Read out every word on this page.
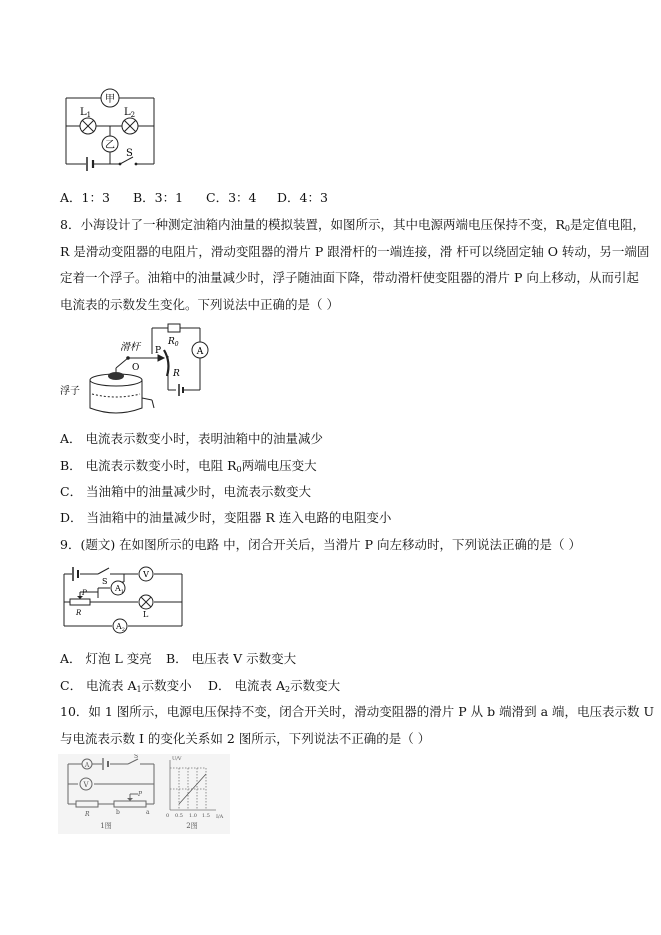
甲
乙
$L_1$	$L_2$
S
A．1：3 B．3：1 C．3：4 D．4：3
8．小海设计了一种测定油箱内油量的模拟装置，如图所示，其中电源两端电压保持不变，$R_0$是定值电阻，
R 是滑动变阻器的电阻片，滑动变阻器的滑片 P 跟滑杆的一端连接，滑 杆可以绕固定轴 O 转动，另一端固
定着一个浮子。油箱中的油量减少时，浮子随油面下降，带动滑杆使变阻器的滑片 P 向上移动，从而引起
电流表的示数发生变化。下列说法中正确的是（ ）
$R_0$
A
滑杆 P
O
R
浮子
A． 电流表示数变小时，表明油箱中的油量减少
B． 电流表示数变小时，电阻 $R_0$两端电压变大
C． 当油箱中的油量减少时，电流表示数变大
D． 当油箱中的油量减少时，变阻器 R 连入电路的电阻变小
9．(题文) 在如图所示的电路 中，闭合开关后，当滑片 P 向左移动时，下列说法正确的是（ ）
S
V
$A_1$
P
R	L
$A_2$
A． 灯泡 L 变亮 B． 电压表 V 示数变大
C． 电流表 $A_1$示数变小 D． 电流表 $A_2$示数变大
10．如 1 图所示，电源电压保持不变，闭合开关时，滑动变阻器的滑片 P 从 b 端滑到 a 端，电压表示数 U
与电流表示数 I 的变化关系如 2 图所示，下列说法不正确的是（ ）
A
V
S
R
P
b	a
1图
U/V
I/A
0 0.5 1.0 1.5
2图
